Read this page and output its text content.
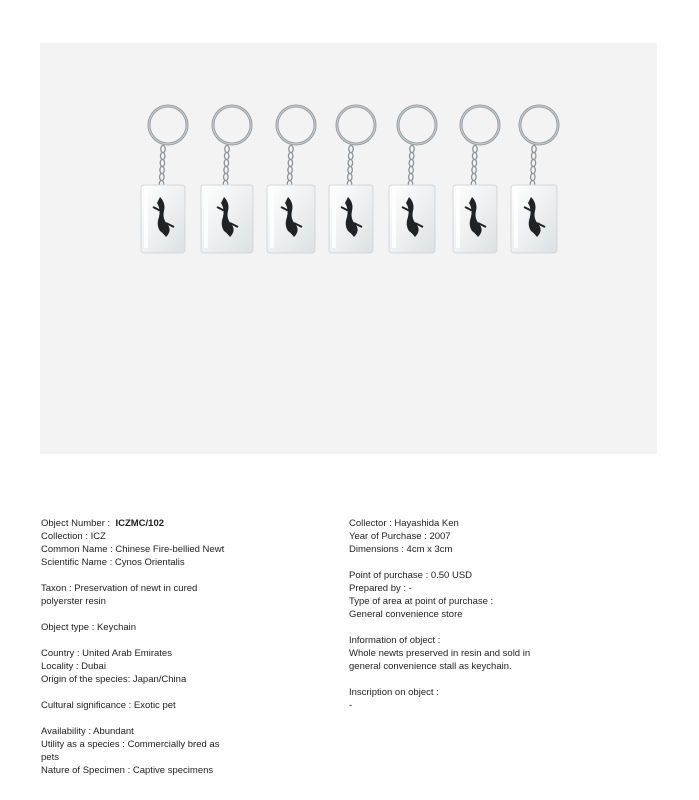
Object Number : ICZMC/102
Collection : ICZ
Common Name : Chinese Fire-bellied Newt
Scientific Name : Cynos Orientalis
Taxon : Preservation of newt in cured
polyerster resin
Object type : Keychain
Country : United Arab Emirates
Locality : Dubai
Origin of the species: Japan/China
Cultural significance : Exotic pet
Availability : Abundant
Utility as a species : Commercially bred as
pets
Nature of Specimen : Captive specimens
Collector : Hayashida Ken
Year of Purchase : 2007
Dimensions : 4cm x 3cm
Point of purchase : 0.50 USD
Prepared by : -
Type of area at point of purchase :
General convenience store
Information of object :
Whole newts preserved in resin and sold in
general convenience stall as keychain.
Inscription on object :
-
